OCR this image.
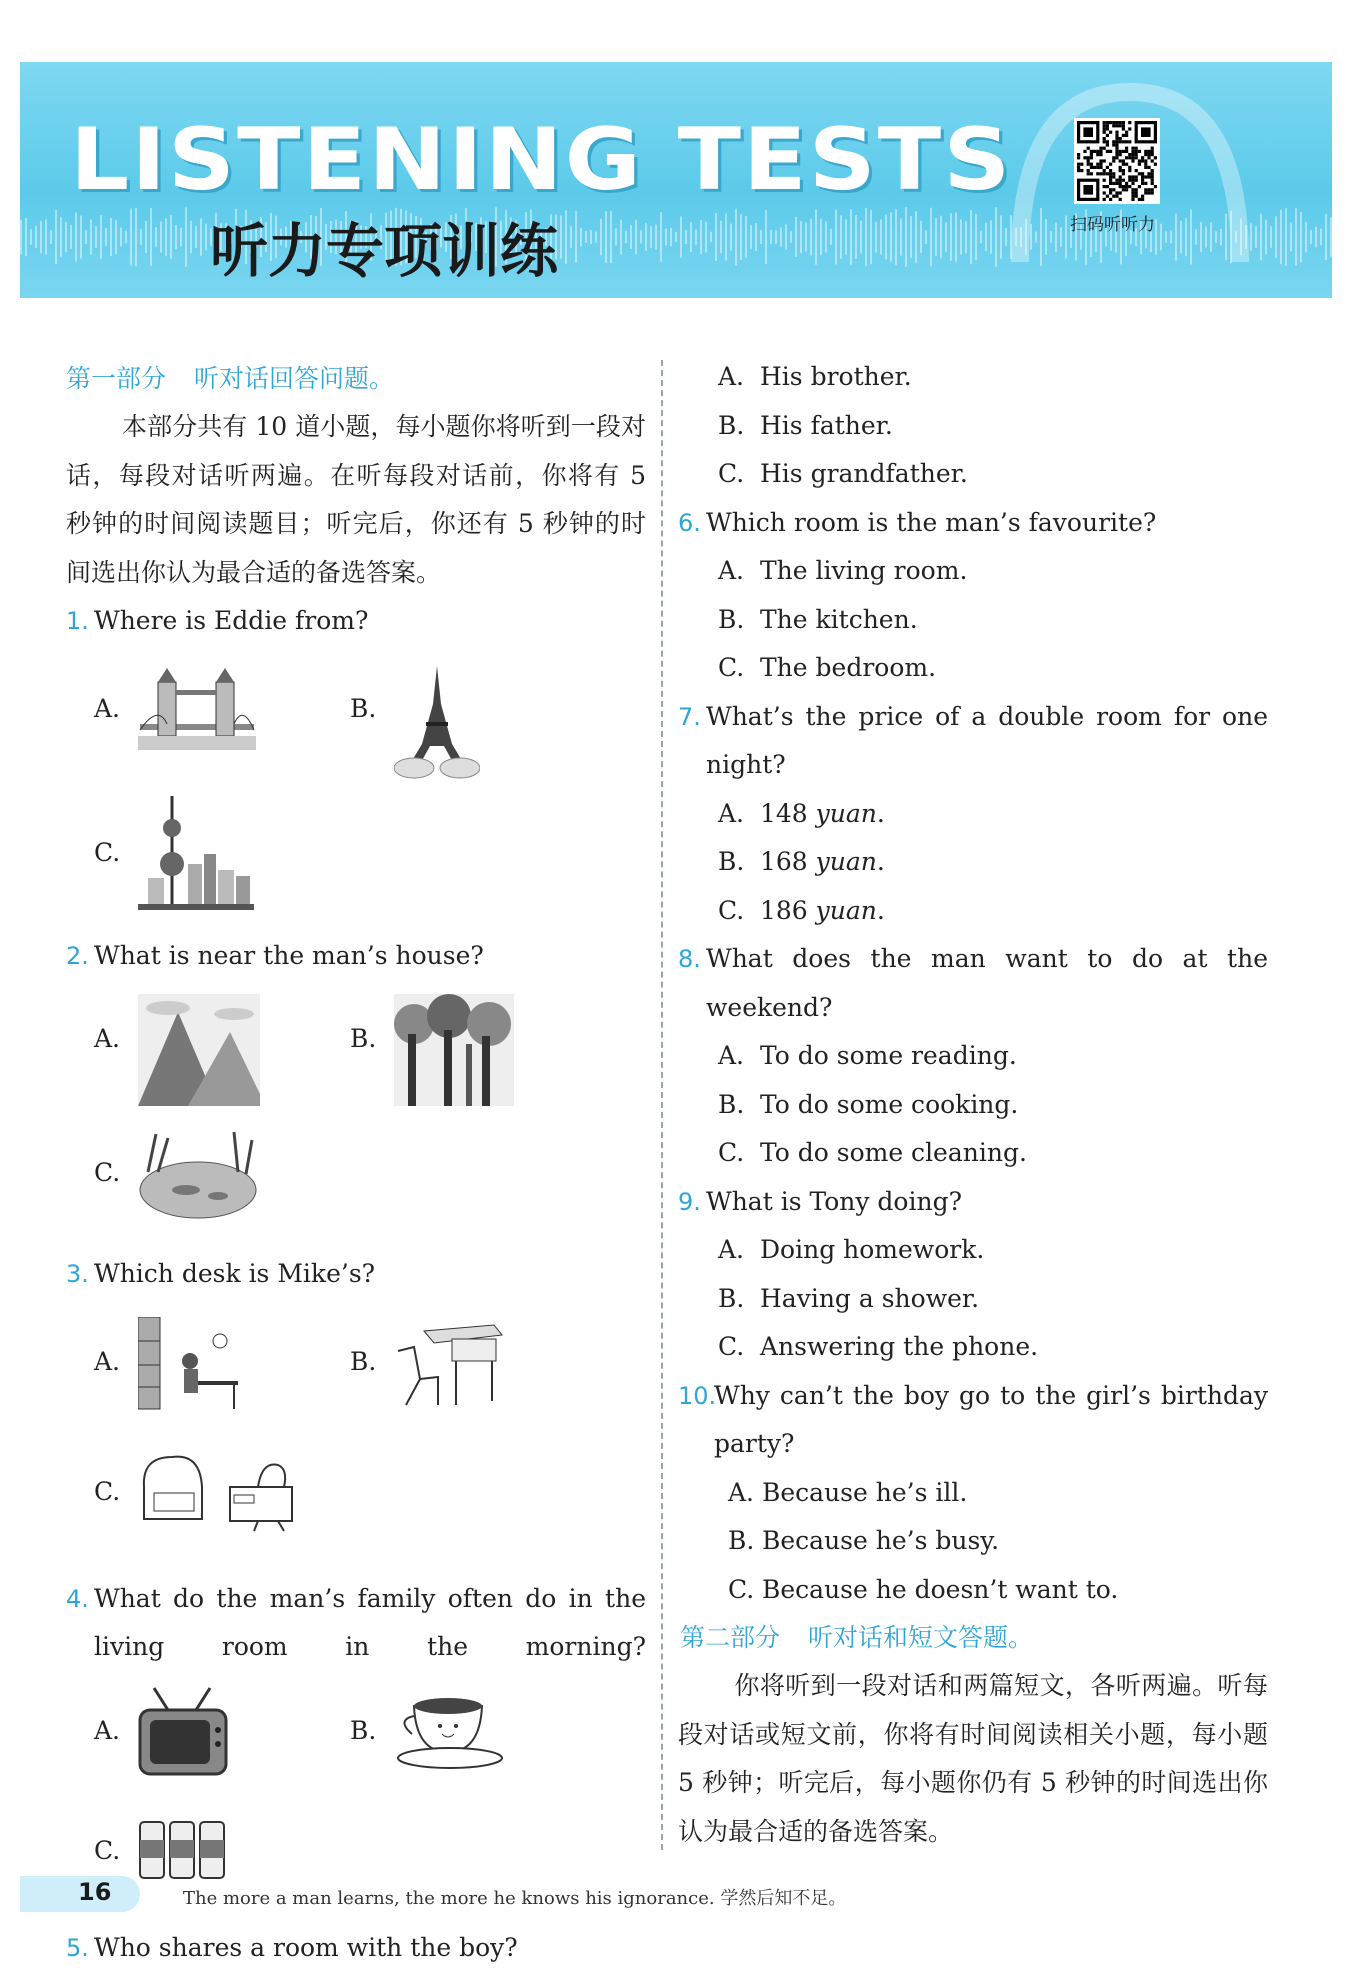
LISTENING TESTS
听力专项训练	扫码听听力
第一部分 听对话回答问题。
本部分共有 10 道小题，每小题你将听到一段对话，每段对话听两遍。在听每段对话前，你将有 5 秒钟的时间阅读题目；听完后，你还有 5 秒钟的时间选出你认为最合适的备选答案。
1. Where is Eddie from?
A.	B.
C.
2. What is near the man’s house?
A.	B.
C.
3. Which desk is Mike’s?
A.	B.
C.
4. What do the man’s family often do in the living room in the morning?
A.	B.
C.
5. Who shares a room with the boy?
A. His brother.
B. His father.
C. His grandfather.
6. Which room is the man’s favourite?
A. The living room.
B. The kitchen.
C. The bedroom.
7. What’s the price of a double room for one
night?
A. 148 yuan.
B. 168 yuan.
C. 186 yuan.
8. What does the man want to do at the
weekend?
A. To do some reading.
B. To do some cooking.
C. To do some cleaning.
9. What is Tony doing?
A. Doing homework.
B. Having a shower.
C. Answering the phone.
10.
Why can’t the boy go to the girl’s birthday
party?
A. Because he’s ill.
B. Because he’s busy.
C. Because he doesn’t want to.
第二部分 听对话和短文答题。
你将听到一段对话和两篇短文，各听两遍。听每段对话或短文前，你将有时间阅读相关小题，每小题 5 秒钟；听完后，每小题你仍有 5 秒钟的时间选出你认为最合适的备选答案。
16	The more a man learns, the more he knows his ignorance. 学然后知不足。
